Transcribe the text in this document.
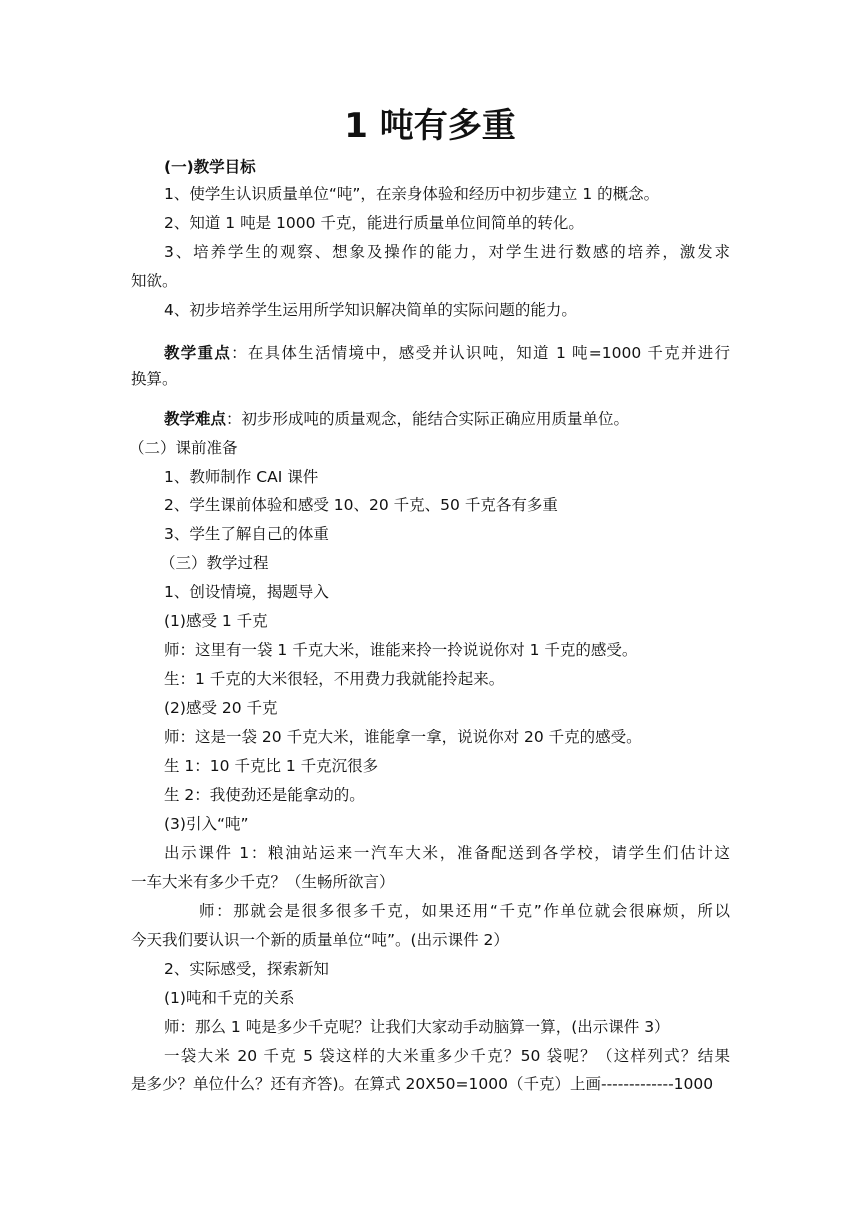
1 吨有多重

(一)教学目标

1、使学生认识质量单位“吨”，在亲身体验和经历中初步建立 1 的概念。

2、知道 1 吨是 1000 千克，能进行质量单位间简单的转化。

3、培养学生的观察、想象及操作的能力，对学生进行数感的培养，激发求

知欲。

4、初步培养学生运用所学知识解决简单的实际问题的能力。

教学重点：在具体生活情境中，感受并认识吨，知道 1 吨=1000 千克并进行

换算。

教学难点：初步形成吨的质量观念，能结合实际正确应用质量单位。

（二）课前准备

1、教师制作 CAI 课件

2、学生课前体验和感受 10、20 千克、50 千克各有多重

3、学生了解自己的体重

（三）教学过程

1、创设情境，揭题导入

(1)感受 1 千克

师：这里有一袋 1 千克大米，谁能来拎一拎说说你对 1 千克的感受。

生：1 千克的大米很轻，不用费力我就能拎起来。

(2)感受 20 千克

师：这是一袋 20 千克大米，谁能拿一拿，说说你对 20 千克的感受。

生 1：10 千克比 1 千克沉很多

生 2：我使劲还是能拿动的。

(3)引入“吨”

出示课件 1：粮油站运来一汽车大米，准备配送到各学校，请学生们估计这

一车大米有多少千克？（生畅所欲言）

师：那就会是很多很多千克，如果还用“千克”作单位就会很麻烦，所以

今天我们要认识一个新的质量单位“吨”。(出示课件 2）

2、实际感受，探索新知

(1)吨和千克的关系

师：那么 1 吨是多少千克呢？让我们大家动手动脑算一算，(出示课件 3）

一袋大米 20 千克 5 袋这样的大米重多少千克？50 袋呢？（这样列式？结果

是多少？单位什么？还有齐答)。在算式 20X50=1000（千克）上画-------------1000
